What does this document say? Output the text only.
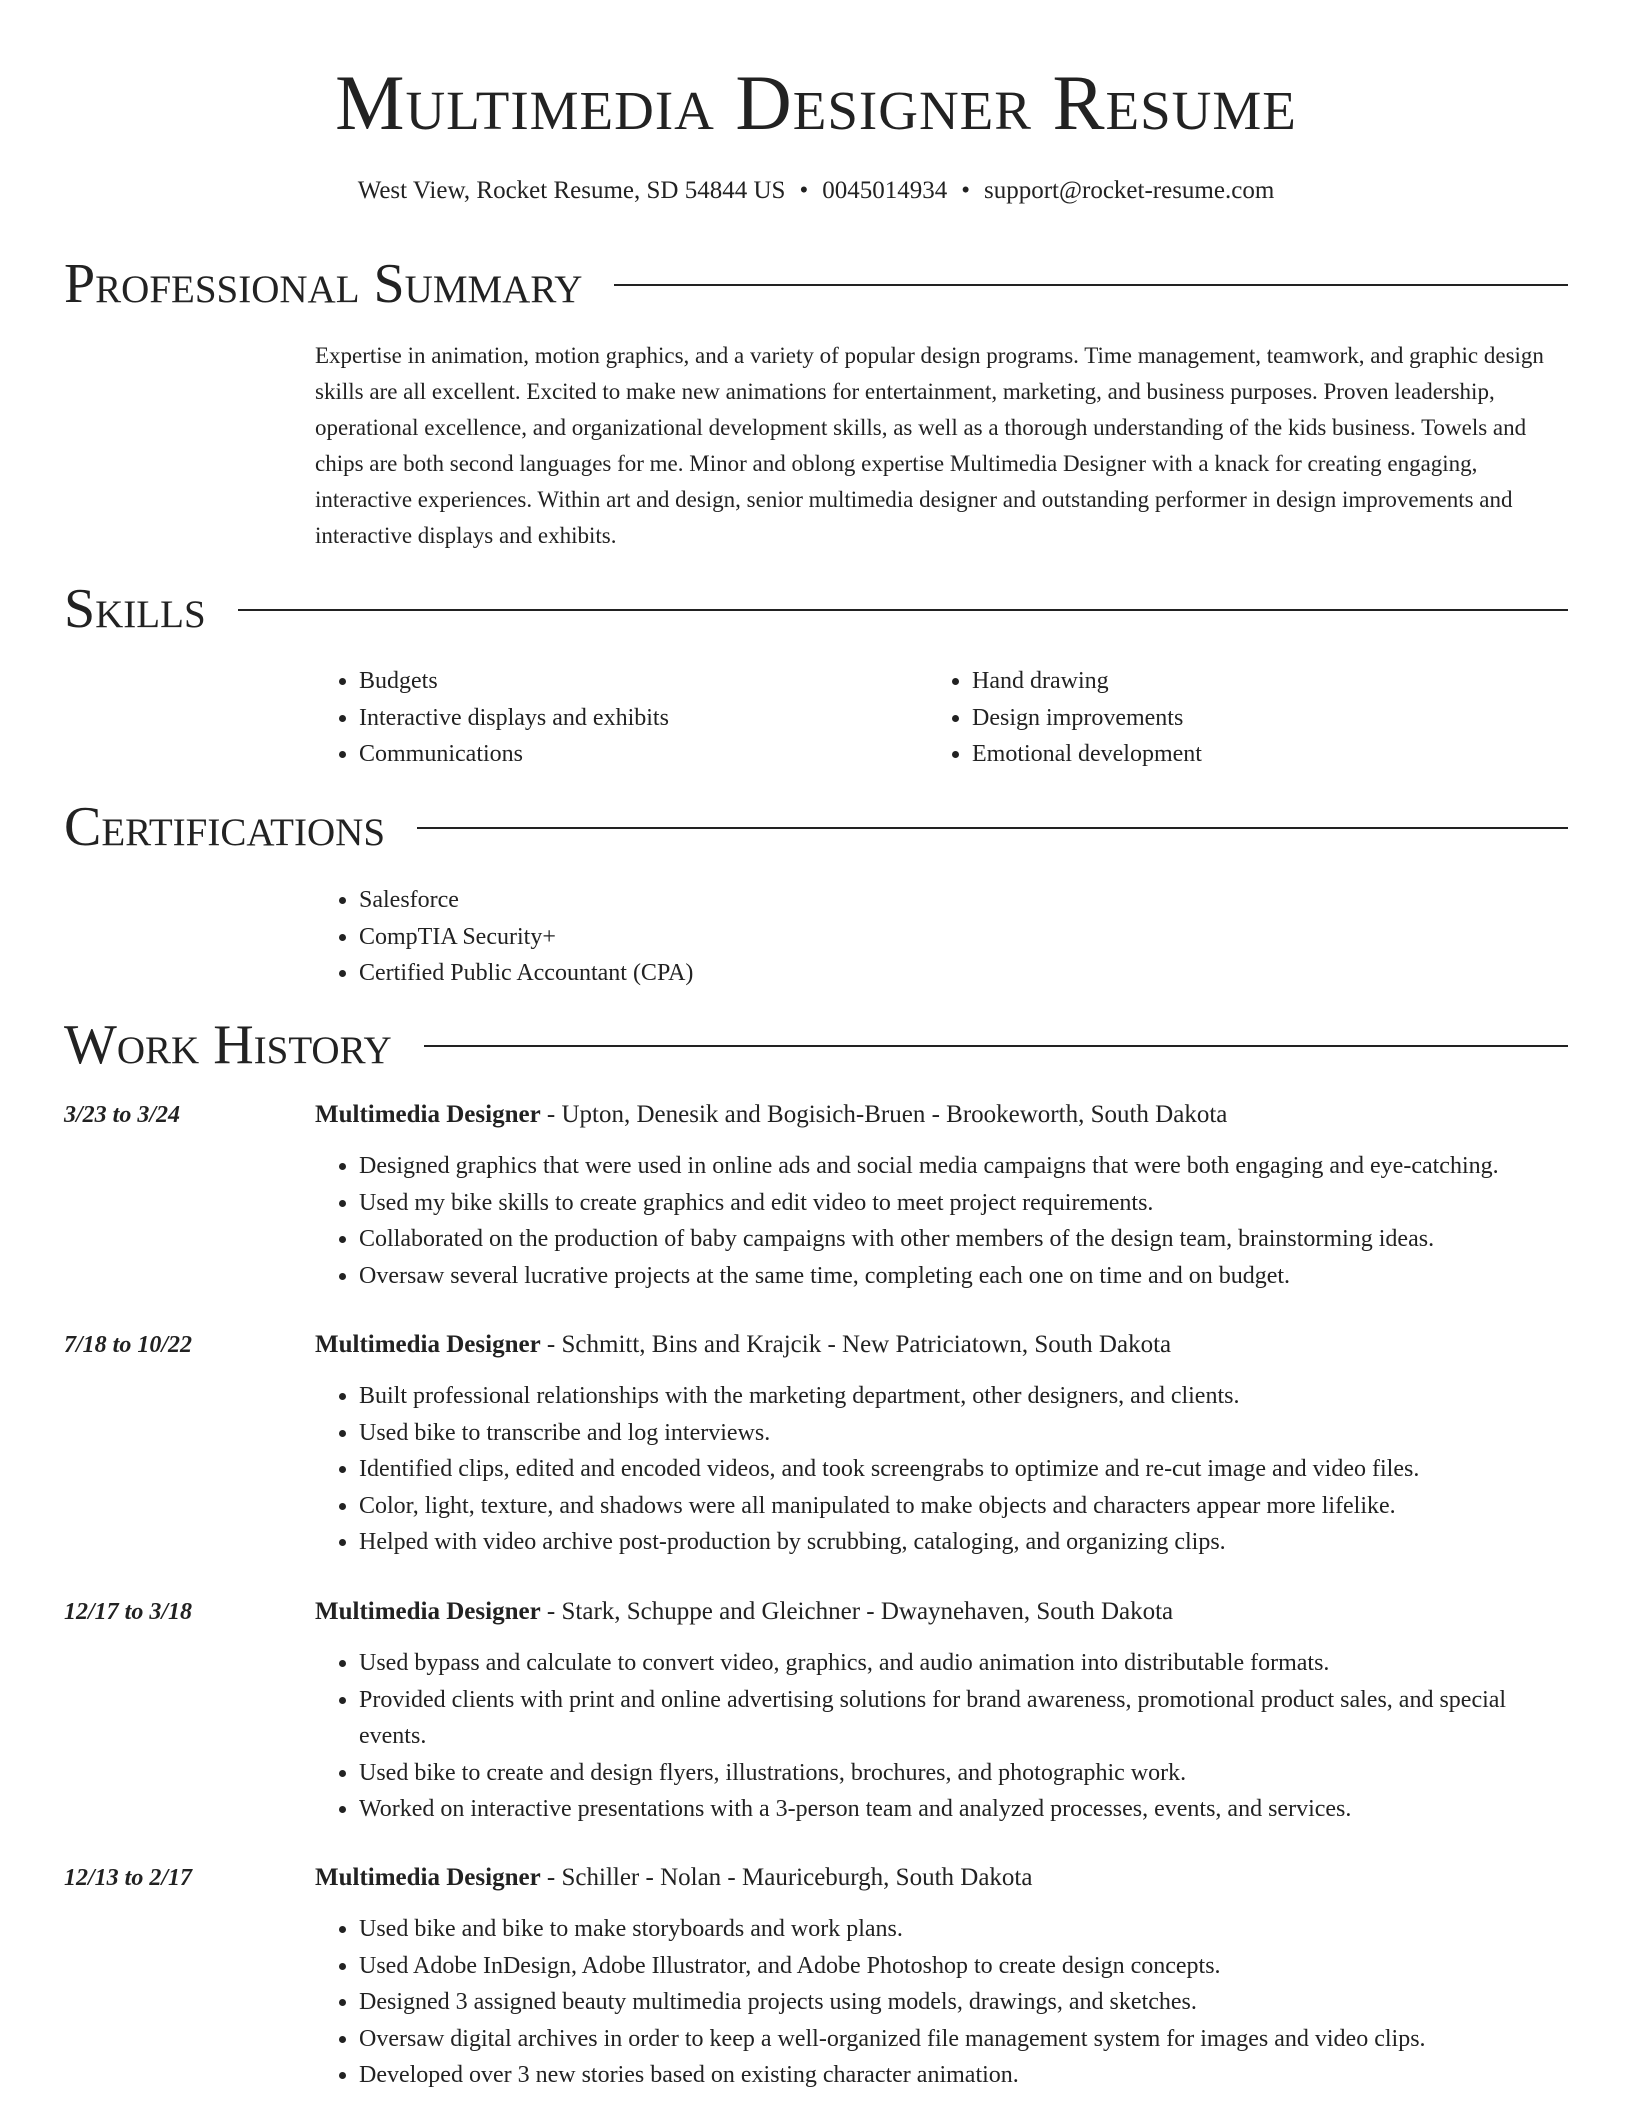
Multimedia Designer Resume
West View, Rocket Resume, SD 54844 US • 0045014934 • support@rocket-resume.com
Professional Summary
Expertise in animation, motion graphics, and a variety of popular design programs. Time management, teamwork, and graphic design skills are all excellent. Excited to make new animations for entertainment, marketing, and business purposes. Proven leadership, operational excellence, and organizational development skills, as well as a thorough understanding of the kids business. Towels and chips are both second languages for me. Minor and oblong expertise Multimedia Designer with a knack for creating engaging, interactive experiences. Within art and design, senior multimedia designer and outstanding performer in design improvements and interactive displays and exhibits.
Skills
• Budgets
• Interactive displays and exhibits
• Communications
• Hand drawing
• Design improvements
• Emotional development
Certifications
• Salesforce
• CompTIA Security+
• Certified Public Accountant (CPA)
Work History
3/23 to 3/24	Multimedia Designer - Upton, Denesik and Bogisich-Bruen - Brookeworth, South Dakota
• Designed graphics that were used in online ads and social media campaigns that were both engaging and eye-catching.
• Used my bike skills to create graphics and edit video to meet project requirements.
• Collaborated on the production of baby campaigns with other members of the design team, brainstorming ideas.
• Oversaw several lucrative projects at the same time, completing each one on time and on budget.
7/18 to 10/22	Multimedia Designer - Schmitt, Bins and Krajcik - New Patriciatown, South Dakota
• Built professional relationships with the marketing department, other designers, and clients.
• Used bike to transcribe and log interviews.
• Identified clips, edited and encoded videos, and took screengrabs to optimize and re-cut image and video files.
• Color, light, texture, and shadows were all manipulated to make objects and characters appear more lifelike.
• Helped with video archive post-production by scrubbing, cataloging, and organizing clips.
12/17 to 3/18	Multimedia Designer - Stark, Schuppe and Gleichner - Dwaynehaven, South Dakota
• Used bypass and calculate to convert video, graphics, and audio animation into distributable formats.
• Provided clients with print and online advertising solutions for brand awareness, promotional product sales, and special events.
• Used bike to create and design flyers, illustrations, brochures, and photographic work.
• Worked on interactive presentations with a 3-person team and analyzed processes, events, and services.
12/13 to 2/17	Multimedia Designer - Schiller - Nolan - Mauriceburgh, South Dakota
• Used bike and bike to make storyboards and work plans.
• Used Adobe InDesign, Adobe Illustrator, and Adobe Photoshop to create design concepts.
• Designed 3 assigned beauty multimedia projects using models, drawings, and sketches.
• Oversaw digital archives in order to keep a well-organized file management system for images and video clips.
• Developed over 3 new stories based on existing character animation.
